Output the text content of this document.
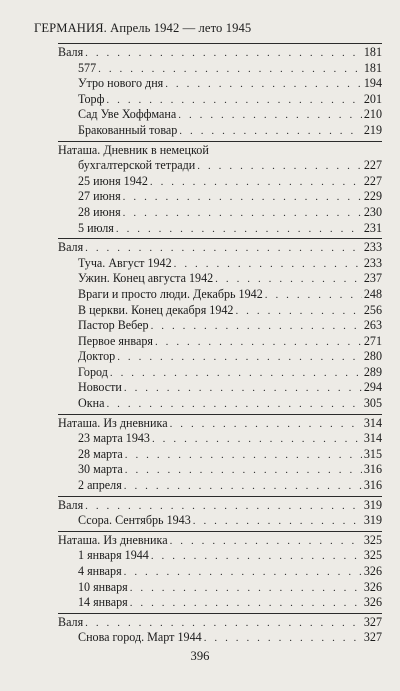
ГЕРМАНИЯ. Апрель 1942 — лето 1945
Валя . . .	181
577 . . .	181
Утро нового дня . . .	194
Торф . . .	201
Сад Уве Хоффмана . . .	210
Бракованный товар . . .	219
Наташа. Дневник в немецкой
бухгалтерской тетради . . .	227
25 июня 1942 . . .	227
27 июня . . .	229
28 июня . . .	230
5 июля . . .	231
Валя . . .	233
Туча. Август 1942 . . .	233
Ужин. Конец августа 1942 . . .	237
Враги и просто люди. Декабрь 1942 . . .	248
В церкви. Конец декабря 1942 . . .	256
Пастор Вебер . . .	263
Первое января . . .	271
Доктор . . .	280
Город . . .	289
Новости . . .	294
Окна . . .	305
Наташа. Из дневника . . .	314
23 марта 1943 . . .	314
28 марта . . .	315
30 марта . . .	316
2 апреля . . .	316
Валя . . .	319
Ссора. Сентябрь 1943 . . .	319
Наташа. Из дневника . . .	325
1 января 1944 . . .	325
4 января . . .	326
10 января . . .	326
14 января . . .	326
Валя . . .	327
Снова город. Март 1944 . . .	327
396
